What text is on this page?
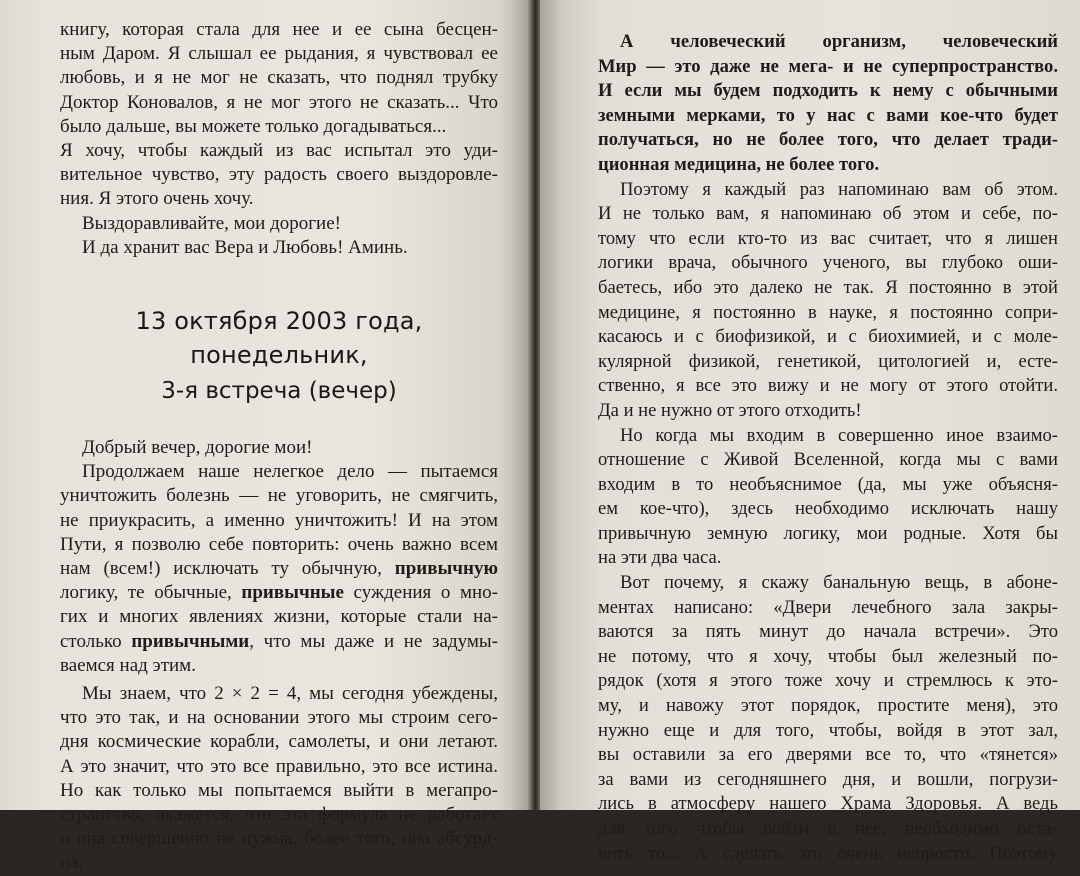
книгу, которая стала для нее и ее сына бесцен-
ным Даром. Я слышал ее рыдания, я чувствовал ее
любовь, и я не мог не сказать, что поднял трубку
Доктор Коновалов, я не мог этого не сказать... Что
было дальше, вы можете только догадываться...

Я хочу, чтобы каждый из вас испытал это уди-
вительное чувство, эту радость своего выздоровле-
ния. Я этого очень хочу.

Выздоравливайте, мои дорогие!

И да хранит вас Вера и Любовь! Аминь.

13 октября 2003 года, понедельник,
3-я встреча (вечер)

Добрый вечер, дорогие мои!

Продолжаем наше нелегкое дело — пытаемся
уничтожить болезнь — не уговорить, не смягчить,
не приукрасить, а именно уничтожить! И на этом
Пути, я позволю себе повторить: очень важно всем
нам (всем!) исключать ту обычную, привычную
логику, те обычные, привычные суждения о мно-
гих и многих явлениях жизни, которые стали на-
столько привычными, что мы даже и не задумы-
ваемся над этим.

Мы знаем, что 2 × 2 = 4, мы сегодня убеждены,
что это так, и на основании этого мы строим сего-
дня космические корабли, самолеты, и они летают.
А это значит, что это все правильно, это все истина.
Но как только мы попытаемся выйти в мегапро-
странство, окажется, что эта формула не работает
и она совершенно не нужна, более того, она абсурд-
на.

А человеческий организм, человеческий
Мир — это даже не мега- и не суперпространство.
И если мы будем подходить к нему с обычными
земными мерками, то у нас с вами кое-что будет
получаться, но не более того, что делает тради-
ционная медицина, не более того.

Поэтому я каждый раз напоминаю вам об этом.
И не только вам, я напоминаю об этом и себе, по-
тому что если кто-то из вас считает, что я лишен
логики врача, обычного ученого, вы глубоко оши-
баетесь, ибо это далеко не так. Я постоянно в этой
медицине, я постоянно в науке, я постоянно сопри-
касаюсь и с биофизикой, и с биохимией, и с моле-
кулярной физикой, генетикой, цитологией и, есте-
ственно, я все это вижу и не могу от этого отойти.
Да и не нужно от этого отходить!

Но когда мы входим в совершенно иное взаимо-
отношение с Живой Вселенной, когда мы с вами
входим в то необъяснимое (да, мы уже объясня-
ем кое-что), здесь необходимо исключать нашу
привычную земную логику, мои родные. Хотя бы
на эти два часа.

Вот почему, я скажу банальную вещь, в абоне-
ментах написано: «Двери лечебного зала закры-
ваются за пять минут до начала встречи». Это
не потому, что я хочу, чтобы был железный по-
рядок (хотя я этого тоже хочу и стремлюсь к это-
му, и навожу этот порядок, простите меня), это
нужно еще и для того, чтобы, войдя в этот зал,
вы оставили за его дверями все то, что «тянется»
за вами из сегодняшнего дня, и вошли, погрузи-
лись в атмосферу нашего Храма Здоровья. А ведь
для того чтобы войти в нее, необходимо оста-
вить то... А сделать это очень непросто. Поэтому
